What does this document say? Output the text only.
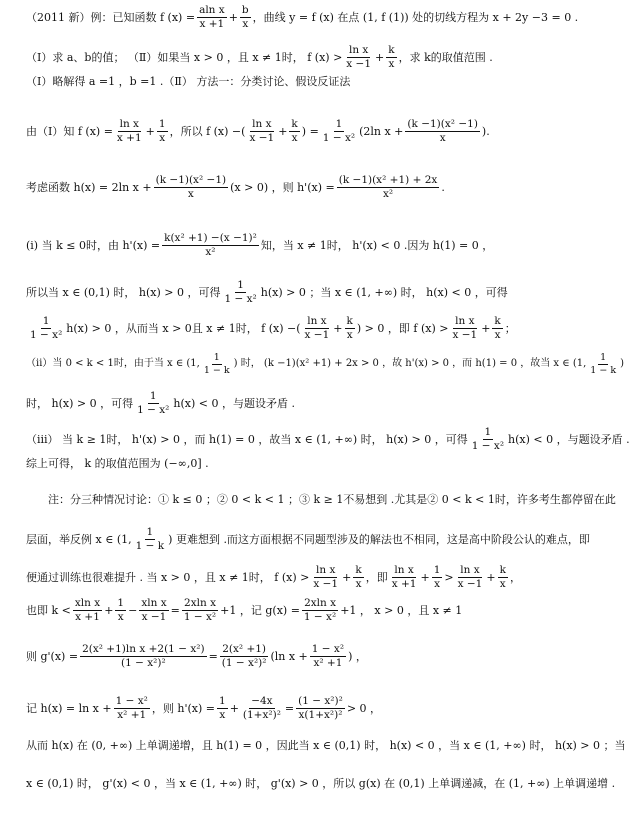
（2011 新）例：已知函数 f $(x) = \frac{\text{aln x}}{x +1} + \frac{b}{x}$ ，曲线 y = f (x) 在点 (1, f (1)) 处的切线方程为 x + 2y −3 = 0 .
（Ⅰ）求 a、b的值； （Ⅱ）如果当 x > 0 ，且 x ≠ 1时， f $(x) > \frac{\text{ln x}}{x -1} + \frac{k}{x}$ ，求 k的取值范围 .
（Ⅰ）略解得 a =1 ，b =1 .（Ⅱ） 方法一：分类讨论、假设反证法
由（Ⅰ）知 f $(x) = \frac{\text{ln x}}{x +1} + \frac{1}{x}$ ，所以 f (x) −( $\frac{\text{ln x}}{x -1} + \frac{k}{x}$ ) = $\frac{1}{\text{1 − x²}} (2\ln$ $x + \frac{\text{(k −1)(x² −1)}}{x}$ ).
考虑函数 h(x) = 2ln $x + \frac{\text{(k −1)(x² −1)}}{x} (x > 0)$ ，则 $h'(x) = \frac{\text{(k −1)(x² +1) + 2x}}{\text{x²}}$ .
(i) 当 k ≤ 0时，由 $h'(x) = \frac{\text{k(x² +1) −(x −1)²}}{\text{x²}}$ 知，当 x ≠ 1时， h'(x) < 0 .因为 h(1) = 0 ，
所以当 x ∈ (0,1) 时， h(x) > 0 ，可得 $\frac{1}{\text{1 − x²}} h(x) > 0$ ；当 x ∈ (1, +∞) 时， h(x) < 0 ，可得
$\frac{1}{\text{1 − x²}} h(x) > 0$ ，从而当 x > 0且 x ≠ 1时， f (x) −( $\frac{\text{ln x}}{x -1} + \frac{k}{x}$ ) > 0 ，即 f $(x) > \frac{\text{ln x}}{x -1} + \frac{k}{x}$ ；
（ⅱ）当 0 < k < 1时，由于当 x ∈ (1, $\frac{1}{1 - k}$ ) 时， (k −1)(x² +1) + 2x > 0 ，故 h'(x) > 0 ，而 h(1) = 0 ，故当 x ∈ (1, $\frac{1}{1 - k}$ )
时， h(x) > 0 ，可得 $\frac{1}{\text{1 − x²}} h(x) < 0$ ，与题设矛盾 .
（ⅲ） 当 k ≥ 1时， h'(x) > 0 ，而 h(1) = 0 ，故当 x ∈ (1, +∞) 时， h(x) > 0 ，可得 $\frac{1}{\text{1 − x²}} h(x) < 0$ ，与题设矛盾 .
综上可得， k 的取值范围为 (−∞,0] .
注：分三种情况讨论：① k ≤ 0 ；② 0 < k < 1 ；③ k ≥ 1不易想到 .尤其是② 0 < k < 1时，许多考生都停留在此
层面，举反例 x ∈ (1, $\frac{1}{1 - k}$ ) 更难想到 .而这方面根据不同题型涉及的解法也不相同，这是高中阶段公认的难点，即
便通过训练也很难提升 . 当 x > 0 ，且 x ≠ 1时， f $(x) > \frac{\text{ln x}}{x -1} + \frac{k}{x}$ ，即 $\frac{\text{ln x}}{x +1} + \frac{1}{x} > \frac{\text{ln x}}{x -1} + \frac{k}{x}$ ，
也即 $k < \frac{\text{xln x}}{x +1} + \frac{1}{x} - \frac{\text{xln x}}{x -1} = \frac{\text{2xln x}}{\text{1 − x²}} +1$ ，记 $g(x) = \frac{\text{2xln x}}{\text{1 − x²}} +1$ ， x > 0 ，且 x ≠ 1
则 $g'(x) = \frac{\text{2(x² +1)ln x +2(1 − x²)}}{\text{(1 − x²)²}} = \frac{\text{2(x² +1)}}{\text{(1 − x²)²}} (\ln$ $x + \frac{\text{1 − x²}}{\text{x² +1}}$ ) ，
记 $h(x) = \ln x + \frac{\text{1 − x²}}{\text{x² +1}}$ ，则 $h'(x) = \frac{1}{x} + \frac{-4x}{\text{(1+x²)²}} = \frac{\text{(1 − x²)²}}{\text{x(1+x²)²}} > 0$ ，
从而 h(x) 在 (0, +∞) 上单调递增，且 h(1) = 0 ，因此当 x ∈ (0,1) 时， h(x) < 0 ，当 x ∈ (1, +∞) 时， h(x) > 0 ；当
x ∈ (0,1) 时， g'(x) < 0 ，当 x ∈ (1, +∞) 时， g'(x) > 0 ，所以 g(x) 在 (0,1) 上单调递减，在 (1, +∞) 上单调递增 .
